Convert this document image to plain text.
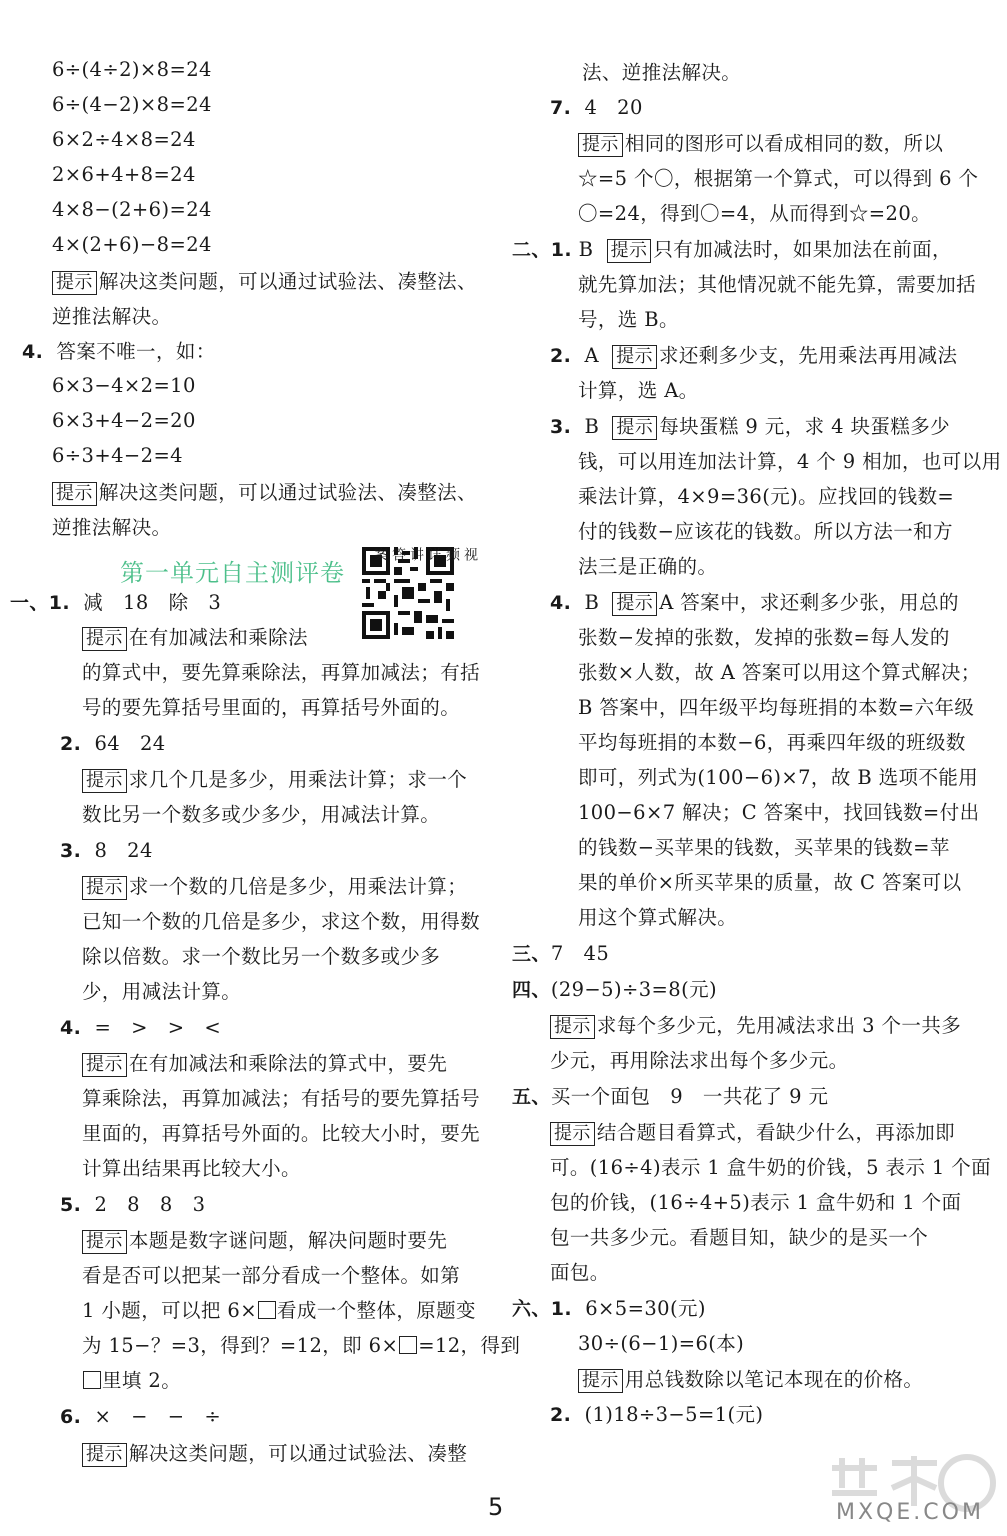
6÷(4÷2)×8=24
6÷(4−2)×8=24
6×2÷4×8=24
2×6+4+8=24
4×8−(2+6)=24
4×(2+6)−8=24
提示 解决这类问题，可以通过试验法、凑整法、
逆推法解决。
4. 答案不唯一，如：
6×3−4×2=10
6×3+4−2=20
6÷3+4−2=4
提示 解决这类问题，可以通过试验法、凑整法、
逆推法解决。
第一单元自主测评卷
视频详讲答案
一、1. 减　18　除　3
提示 在有加减法和乘除法
的算式中，要先算乘除法，再算加减法；有括
号的要先算括号里面的，再算括号外面的。
2. 64　24
提示 求几个几是多少，用乘法计算；求一个
数比另一个数多或少多少，用减法计算。
3. 8　24
提示 求一个数的几倍是多少，用乘法计算；
已知一个数的几倍是多少，求这个数，用得数
除以倍数。求一个数比另一个数多或少多
少，用减法计算。
4. =　>　>　<
提示 在有加减法和乘除法的算式中，要先
算乘除法，再算加减法；有括号的要先算括号
里面的，再算括号外面的。比较大小时，要先
计算出结果再比较大小。
5. 2　8　8　3
提示 本题是数字谜问题，解决问题时要先
看是否可以把某一部分看成一个整体。如第
1 小题，可以把 6× 看成一个整体，原题变
为 15−？=3，得到？=12，即 6× =12，得到
里填 2。
6. ×　−　−　÷
提示 解决这类问题，可以通过试验法、凑整
法、逆推法解决。
7. 4　20
提示 相同的图形可以看成相同的数，所以
☆=5 个〇，根据第一个算式，可以得到 6 个
〇=24，得到〇=4，从而得到☆=20。
二、1. B 提示 只有加减法时，如果加法在前面，
就先算加法；其他情况就不能先算，需要加括
号，选 B。
2. A 提示 求还剩多少支，先用乘法再用减法
计算，选 A。
3. B 提示 每块蛋糕 9 元，求 4 块蛋糕多少
钱，可以用连加法计算，4 个 9 相加，也可以用
乘法计算，4×9=36(元)。应找回的钱数=
付的钱数−应该花的钱数。所以方法一和方
法三是正确的。
4. B 提示 A 答案中，求还剩多少张，用总的
张数−发掉的张数，发掉的张数=每人发的
张数×人数，故 A 答案可以用这个算式解决；
B 答案中，四年级平均每班捐的本数=六年级
平均每班捐的本数−6，再乘四年级的班级数
即可，列式为(100−6)×7，故 B 选项不能用
100−6×7 解决；C 答案中，找回钱数=付出
的钱数−买苹果的钱数，买苹果的钱数=苹
果的单价×所买苹果的质量，故 C 答案可以
用这个算式解决。
三、7　45
四、(29−5)÷3=8(元)
提示 求每个多少元，先用减法求出 3 个一共多
少元，再用除法求出每个多少元。
五、买一个面包　9　一共花了 9 元
提示 结合题目看算式，看缺少什么，再添加即
可。(16÷4)表示 1 盒牛奶的价钱，5 表示 1 个面
包的价钱，(16÷4+5)表示 1 盒牛奶和 1 个面
包一共多少元。看题目知，缺少的是买一个
面包。
六、1. 6×5=30(元)
30÷(6−1)=6(本)
提示 用总钱数除以笔记本现在的价格。
2. (1)18÷3−5=1(元)
5	MXQE.COM
